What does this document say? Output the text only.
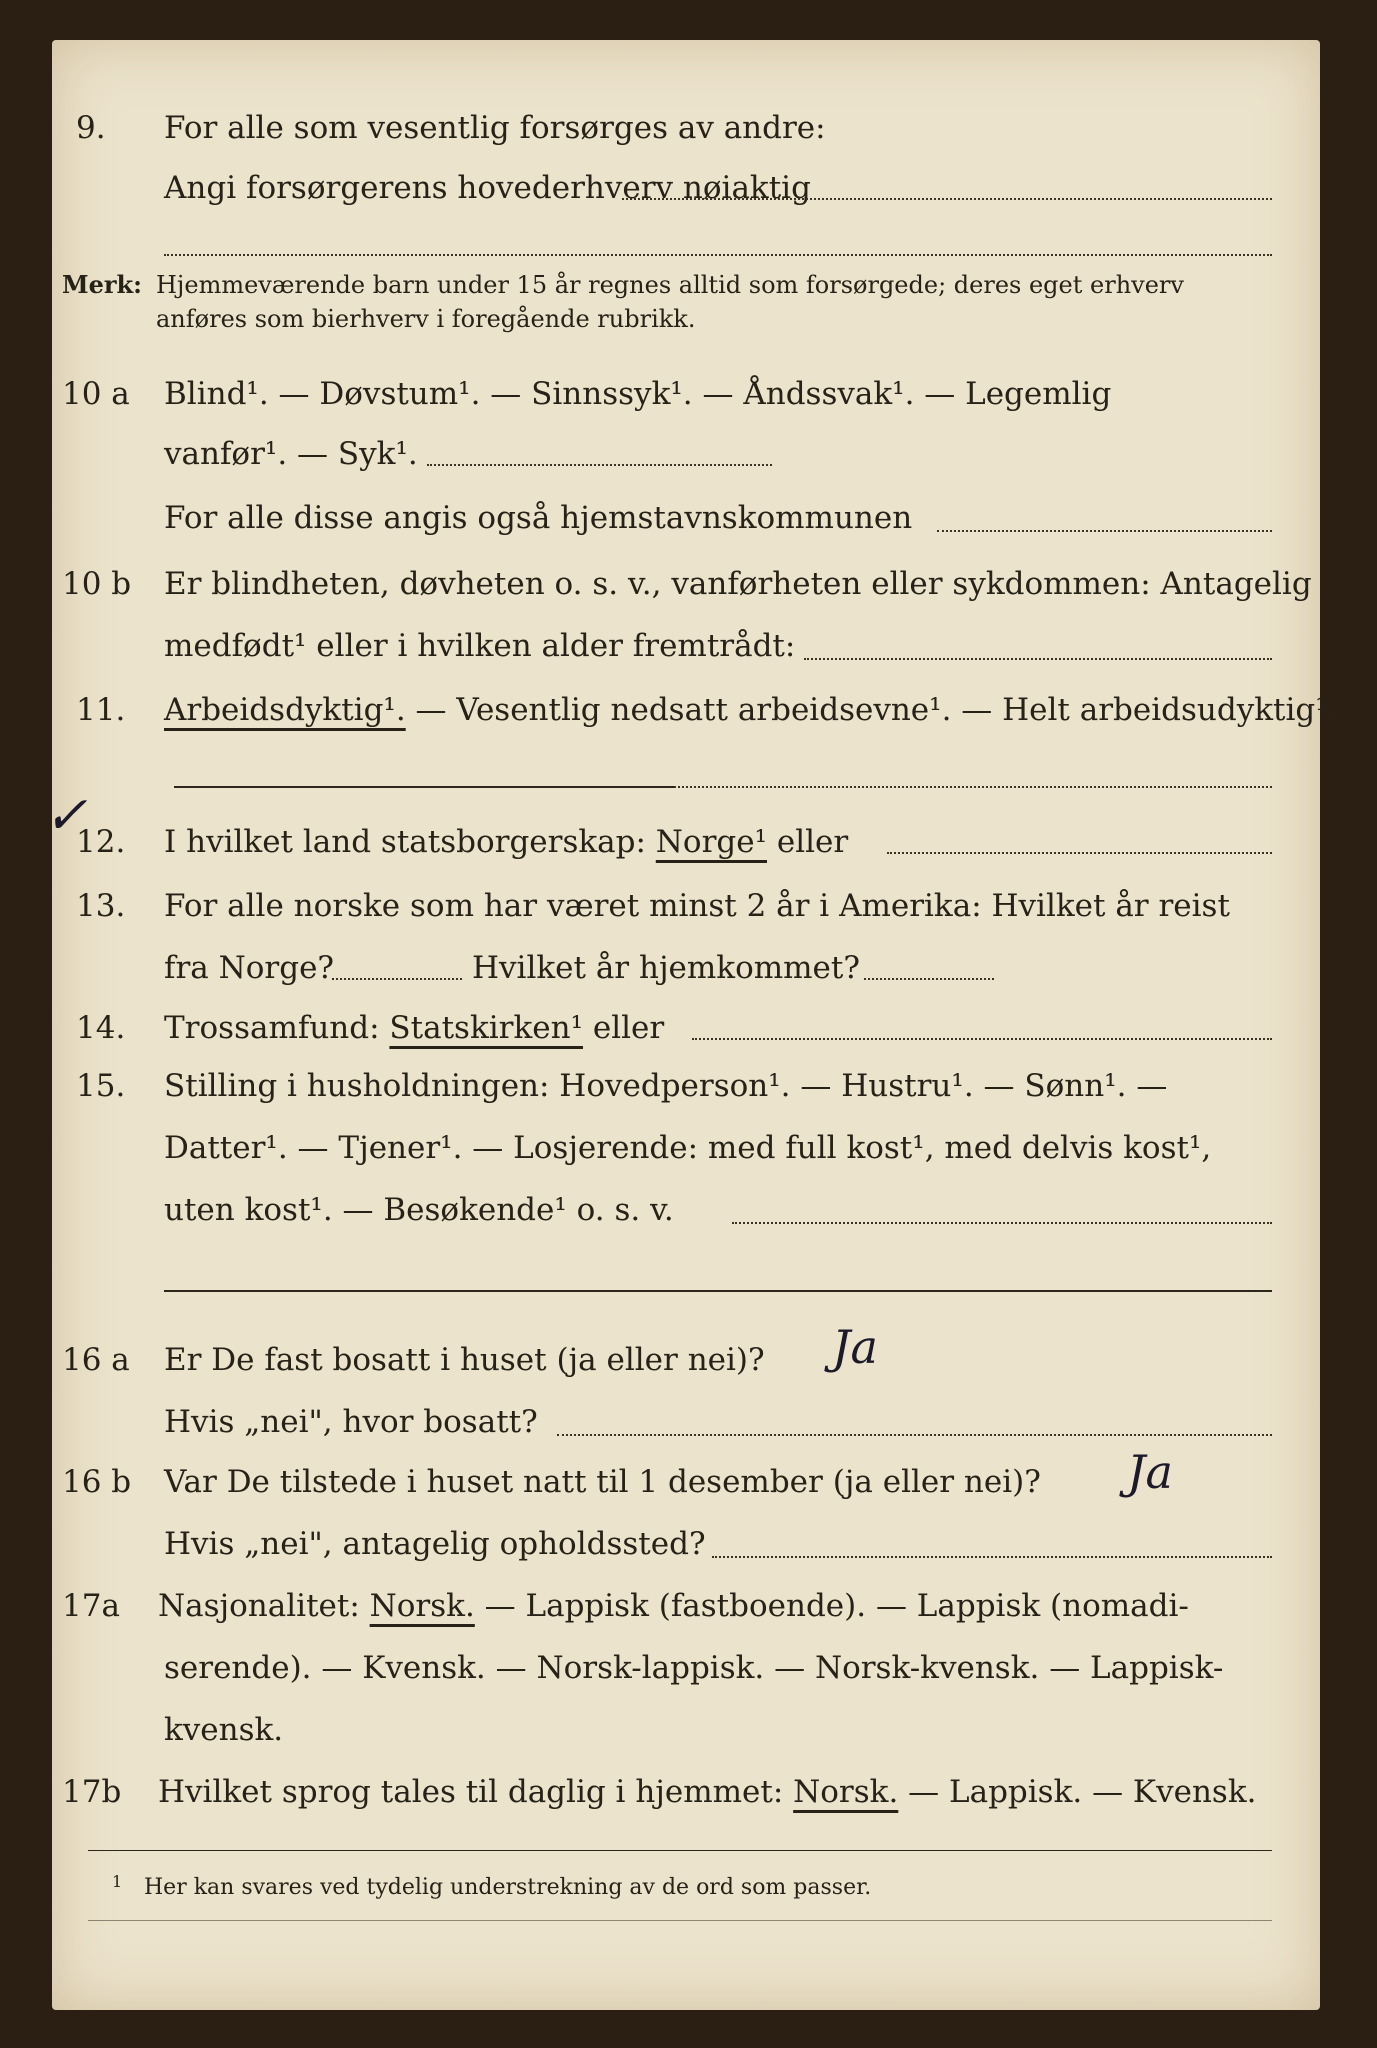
9. For alle som vesentlig forsørges av andre:
Angi forsørgerens hovederhverv nøiaktig
Merk: Hjemmeværende barn under 15 år regnes alltid som forsørgede; deres eget erhverv
anføres som bierhverv i foregående rubrikk.
10 a Blind¹. — Døvstum¹. — Sinnssyk¹. — Åndssvak¹. — Legemlig
vanfør¹. — Syk¹.
For alle disse angis også hjemstavnskommunen
10 b Er blindheten, døvheten o. s. v., vanførheten eller sykdommen: Antagelig
medfødt¹ eller i hvilken alder fremtrådt:
11. Arbeidsdyktig¹. — Vesentlig nedsatt arbeidsevne¹. — Helt arbeidsudyktig¹.
✓
12. I hvilket land statsborgerskap: Norge¹ eller
13. For alle norske som har været minst 2 år i Amerika: Hvilket år reist
fra Norge?	Hvilket år hjemkommet?
14. Trossamfund: Statskirken¹ eller
15. Stilling i husholdningen: Hovedperson¹. — Hustru¹. — Sønn¹. —
Datter¹. — Tjener¹. — Losjerende: med full kost¹, med delvis kost¹,
uten kost¹. — Besøkende¹ o. s. v.
16 a Er De fast bosatt i huset (ja eller nei)? Ja
Hvis „nei", hvor bosatt?
16 b Var De tilstede i huset natt til 1 desember (ja eller nei)? Ja
Hvis „nei", antagelig opholdssted?
17a Nasjonalitet: Norsk. — Lappisk (fastboende). — Lappisk (nomadi-
serende). — Kvensk. — Norsk-lappisk. — Norsk-kvensk. — Lappisk-
kvensk.
17b Hvilket sprog tales til daglig i hjemmet: Norsk. — Lappisk. — Kvensk.
1 Her kan svares ved tydelig understrekning av de ord som passer.
